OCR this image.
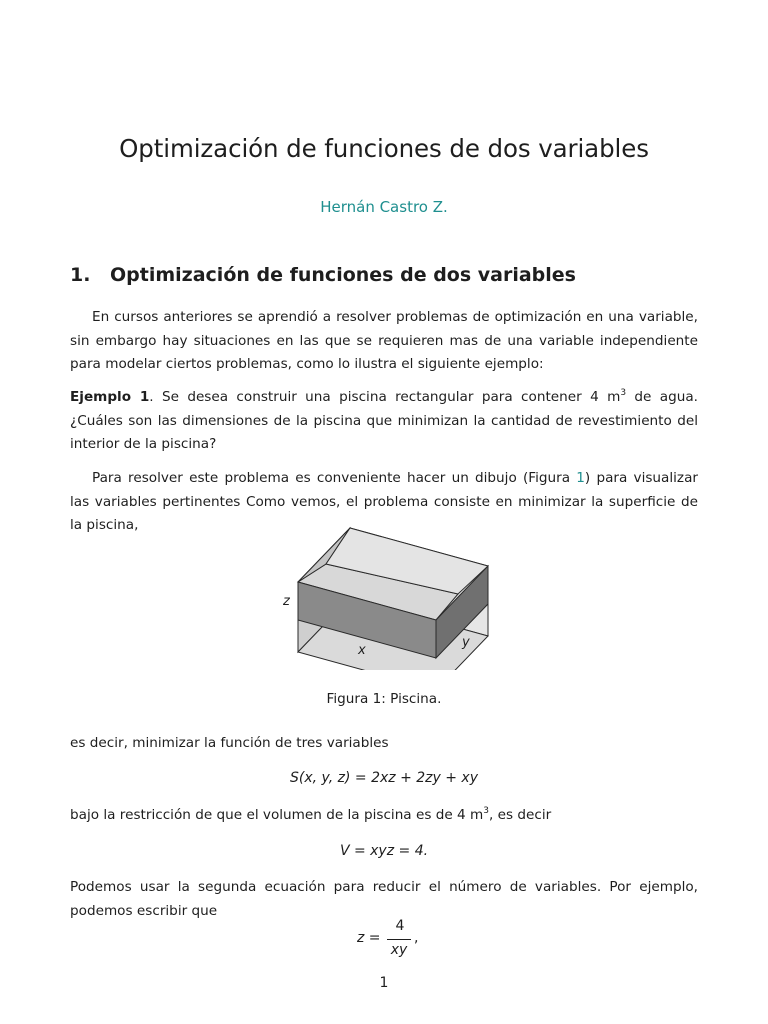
Optimización de funciones de dos variables
Hernán Castro Z.
1. Optimización de funciones de dos variables
En cursos anteriores se aprendió a resolver problemas de optimización en una variable, sin embargo hay situaciones en las que se requieren mas de una variable independiente para modelar ciertos problemas, como lo ilustra el siguiente ejemplo:
Ejemplo 1. Se desea construir una piscina rectangular para contener 4 $m^3$ de agua. ¿Cuáles son las dimensiones de la piscina que minimizan la cantidad de revestimiento del interior de la piscina?
Para resolver este problema es conveniente hacer un dibujo (Figura 1) para visualizar las variables pertinentes Como vemos, el problema consiste en minimizar la superficie de la piscina,
z
x
y
Figura 1: Piscina.
es decir, minimizar la función de tres variables
S(x, y, z) = 2xz + 2zy + xy
bajo la restricción de que el volumen de la piscina es de 4 $m^3$, es decir
V = xyz = 4.
Podemos usar la segunda ecuación para reducir el número de variables. Por ejemplo, podemos escribir que
z =
4
xy
,
1
